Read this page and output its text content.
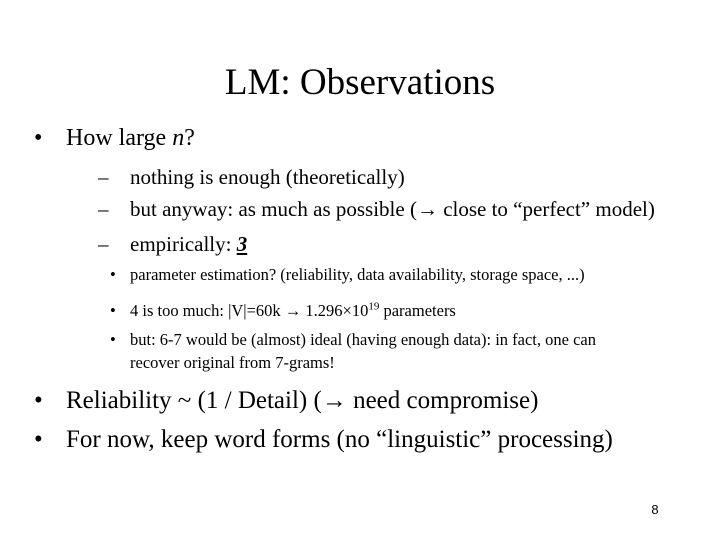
LM: Observations
• How large n?
– nothing is enough (theoretically)
– but anyway: as much as possible (→ close to “perfect” model)
– empirically: 3
• parameter estimation? (reliability, data availability, storage space, ...)
• 4 is too much: $|V|=60k \to 1.296\times 10^{19}$ parameters
• but: 6-7 would be (almost) ideal (having enough data): in fact, one can
recover original from 7-grams!
• Reliability ~ (1 / Detail) (→ need compromise)
• For now, keep word forms (no “linguistic” processing)
8
